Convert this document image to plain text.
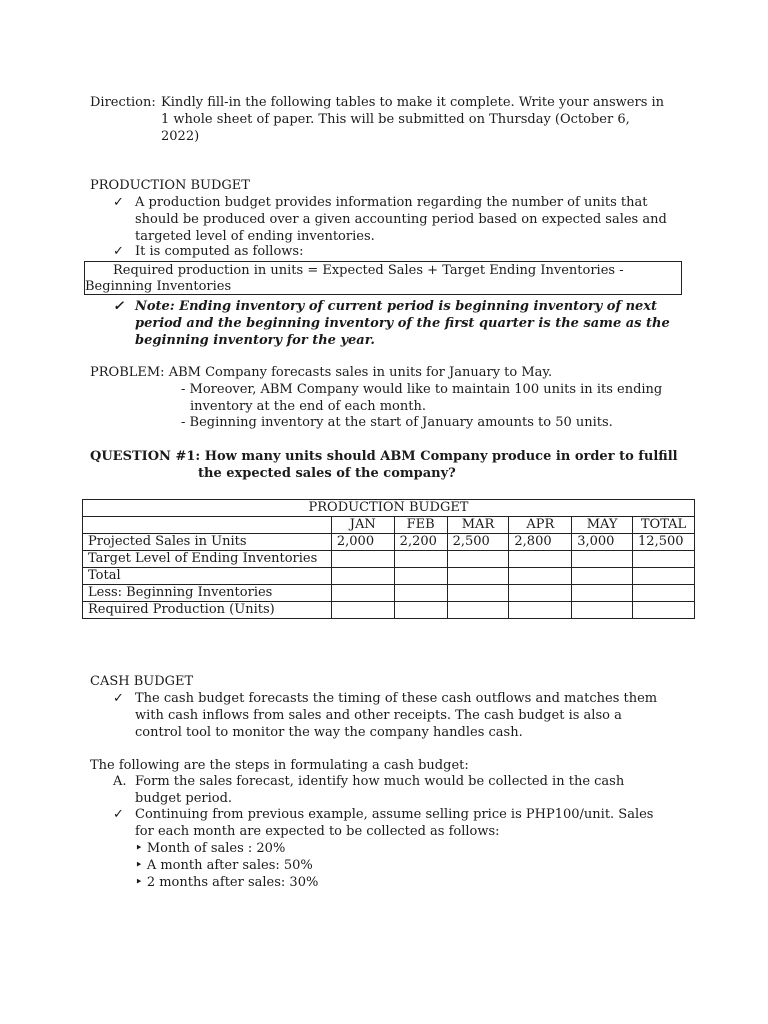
Direction: Kindly fill-in the following tables to make it complete. Write your answers in
1 whole sheet of paper. This will be submitted on Thursday (October 6,
2022)
PRODUCTION BUDGET
✓ A production budget provides information regarding the number of units that
should be produced over a given accounting period based on expected sales and
targeted level of ending inventories.
✓ It is computed as follows:
Required production in units = Expected Sales + Target Ending Inventories -
Beginning Inventories
✓ Note: Ending inventory of current period is beginning inventory of next
period and the beginning inventory of the first quarter is the same as the
beginning inventory for the year.
PROBLEM: ABM Company forecasts sales in units for January to May.
- Moreover, ABM Company would like to maintain 100 units in its ending
inventory at the end of each month.
- Beginning inventory at the start of January amounts to 50 units.
QUESTION #1: How many units should ABM Company produce in order to fulfill
the expected sales of the company?
PRODUCTION BUDGET						
	JAN	FEB	MAR	APR	MAY	TOTAL
Projected Sales in Units	2,000	2,200	2,500	2,800	3,000	12,500
Target Level of Ending Inventories						
Total						
Less: Beginning Inventories						
Required Production (Units)						
CASH BUDGET
✓ The cash budget forecasts the timing of these cash outflows and matches them
with cash inflows from sales and other receipts. The cash budget is also a
control tool to monitor the way the company handles cash.
The following are the steps in formulating a cash budget:
A. Form the sales forecast, identify how much would be collected in the cash
budget period.
✓ Continuing from previous example, assume selling price is PHP100/unit. Sales
for each month are expected to be collected as follows:
‣ Month of sales : 20%
‣ A month after sales: 50%
‣ 2 months after sales: 30%
